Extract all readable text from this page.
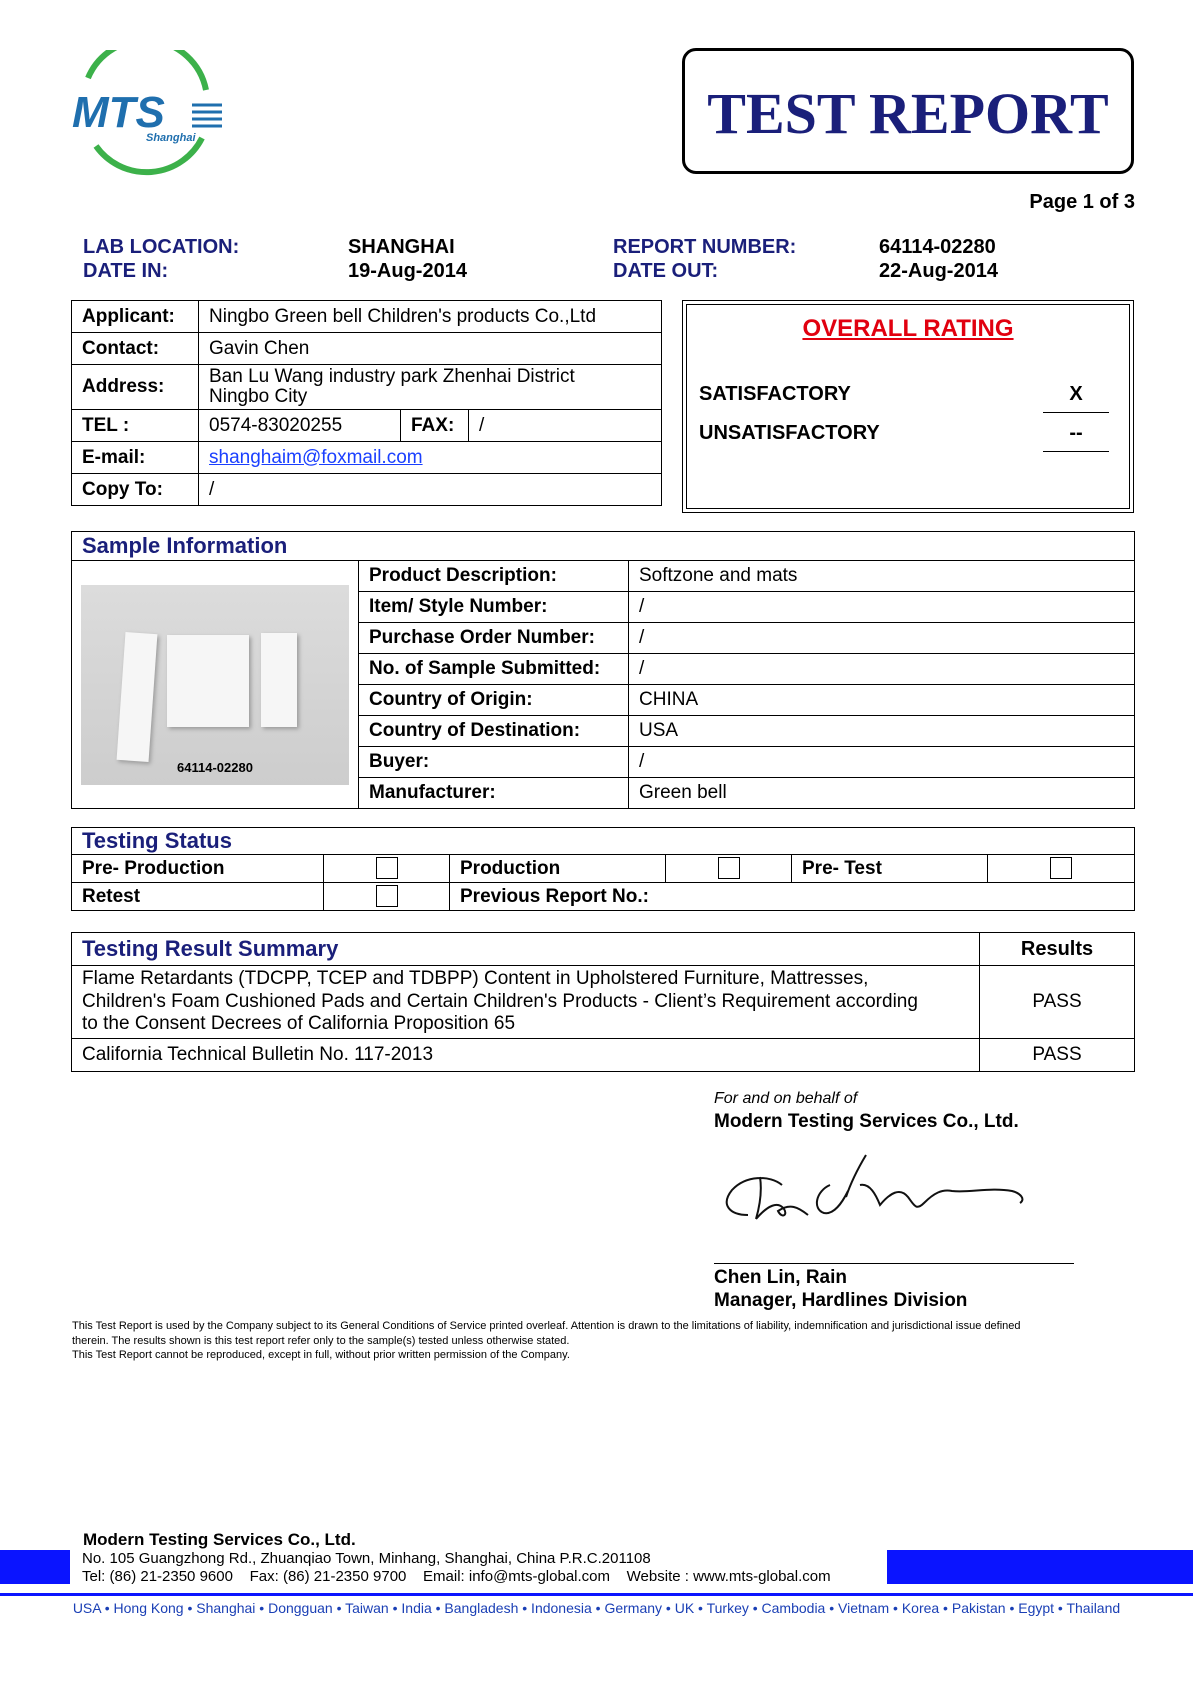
MTS
Shanghai	TEST REPORT
Page 1 of 3
LAB LOCATION:	SHANGHAI	REPORT NUMBER:	64114-02280
DATE IN:	19-Aug-2014	DATE OUT:	22-Aug-2014
Applicant:	Ningbo Green bell Children's products Co.,Ltd		
Contact:	Gavin Chen		
Address:	Ban Lu Wang industry park Zhenhai District
Ningbo City		

TEL :	0574-83020255	FAX:	/
E-mail:	shanghaim@foxmail.com		
Copy To:	/		
OVERALL RATING
SATISFACTORY	X
UNSATISFACTORY	--
Sample Information		

64114-02280	Product Description:	Softzone and mats
	Item/ Style Number:	/
	Purchase Order Number:	/
	No. of Sample Submitted:	/
	Country of Origin:	CHINA
	Country of Destination:	USA
	Buyer:	/
	Manufacturer:	Green bell
Testing Status					
Pre- Production		Production		Pre- Test	
Retest		Previous Report No.:			
Testing Result Summary	Results

Flame Retardants (TDCPP, TCEP and TDBPP) Content in Upholstered Furniture, Mattresses,
Children's Foam Cushioned Pads and Certain Children's Products - Client’s Requirement according
to the Consent Decrees of California Proposition 65	PASS
California Technical Bulletin No. 117-2013	PASS
For and on behalf of
Modern Testing Services Co., Ltd.
Chen Lin, Rain
Manager, Hardlines Division
This Test Report is used by the Company subject to its General Conditions of Service printed overleaf. Attention is drawn to the limitations of liability, indemnification and jurisdictional issue defined
therein. The results shown is this test report refer only to the sample(s) tested unless otherwise stated.
This Test Report cannot be reproduced, except in full, without prior written permission of the Company.
Modern Testing Services Co., Ltd.
No. 105 Guangzhong Rd., Zhuanqiao Town, Minhang, Shanghai, China P.R.C.201108
Tel: (86) 21-2350 9600    Fax: (86) 21-2350 9700    Email: info@mts-global.com    Website : www.mts-global.com
USA • Hong Kong • Shanghai • Dongguan • Taiwan • India • Bangladesh • Indonesia • Germany • UK • Turkey • Cambodia • Vietnam • Korea • Pakistan • Egypt • Thailand
